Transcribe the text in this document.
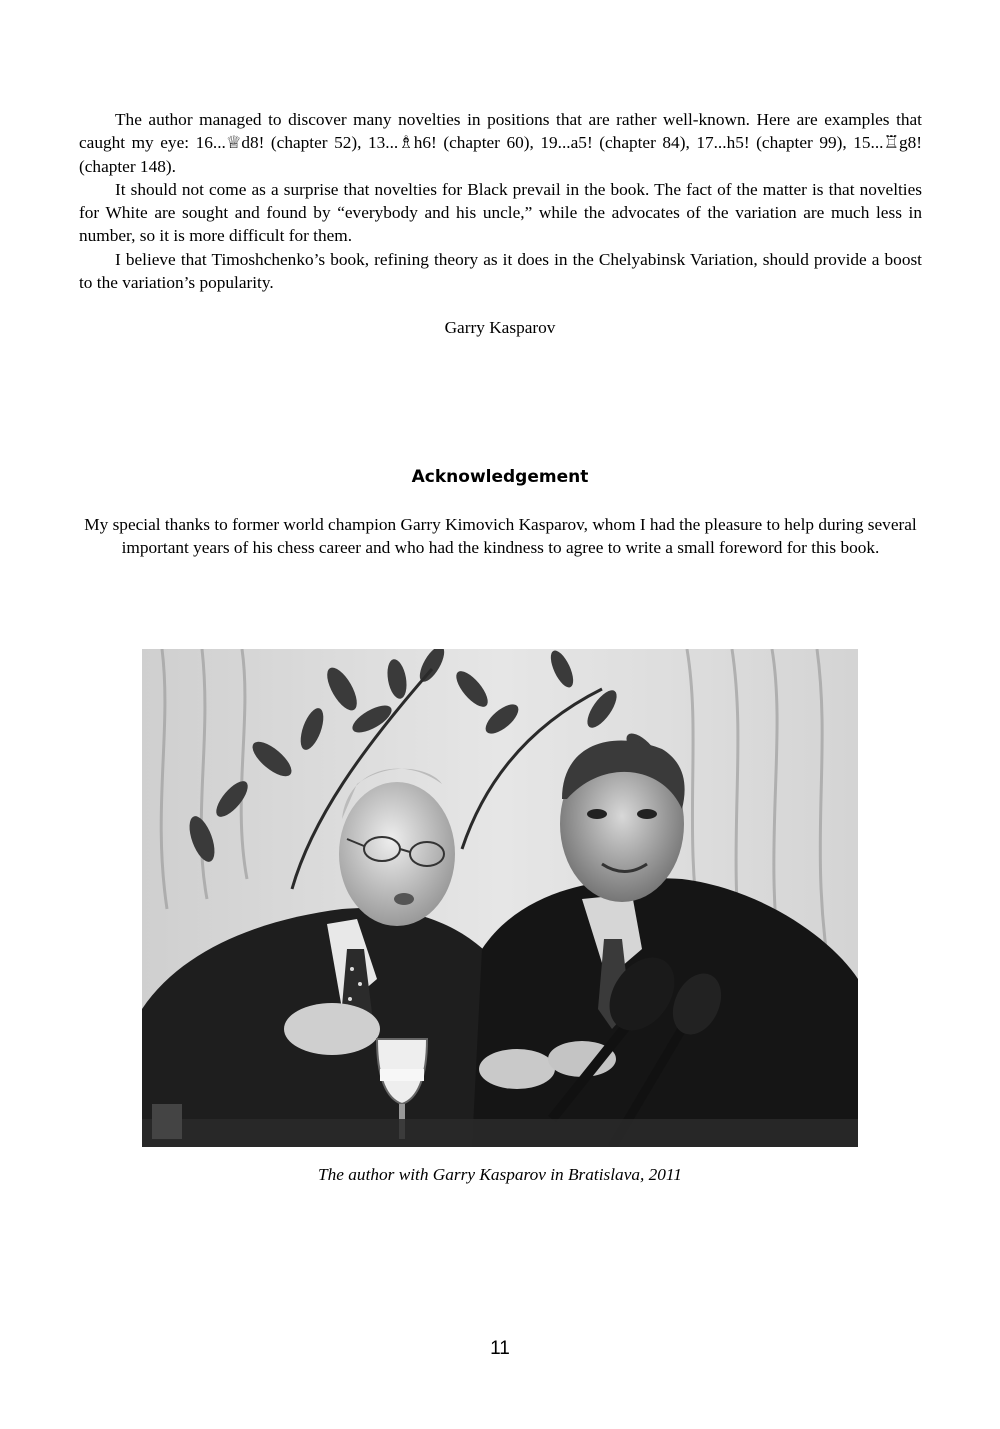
The author managed to discover many novelties in positions that are rather well-known. Here are examples that caught my eye: 16...♕d8! (chapter 52), 13...♗h6! (chapter 60), 19...a5! (chapter 84), 17...h5! (chapter 99), 15...♖g8! (chapter 148).

It should not come as a surprise that novelties for Black prevail in the book. The fact of the matter is that novelties for White are sought and found by “everybody and his uncle,” while the advocates of the variation are much less in number, so it is more difficult for them.

I believe that Timoshchenko’s book, refining theory as it does in the Chelyabinsk Variation, should provide a boost to the variation’s popularity.

Garry Kasparov
Acknowledgement
My special thanks to former world champion Garry Kimovich Kasparov, whom I had the pleasure to help during several important years of his chess career and who had the kindness to agree to write a small foreword for this book.
The author with Garry Kasparov in Bratislava, 2011
11
